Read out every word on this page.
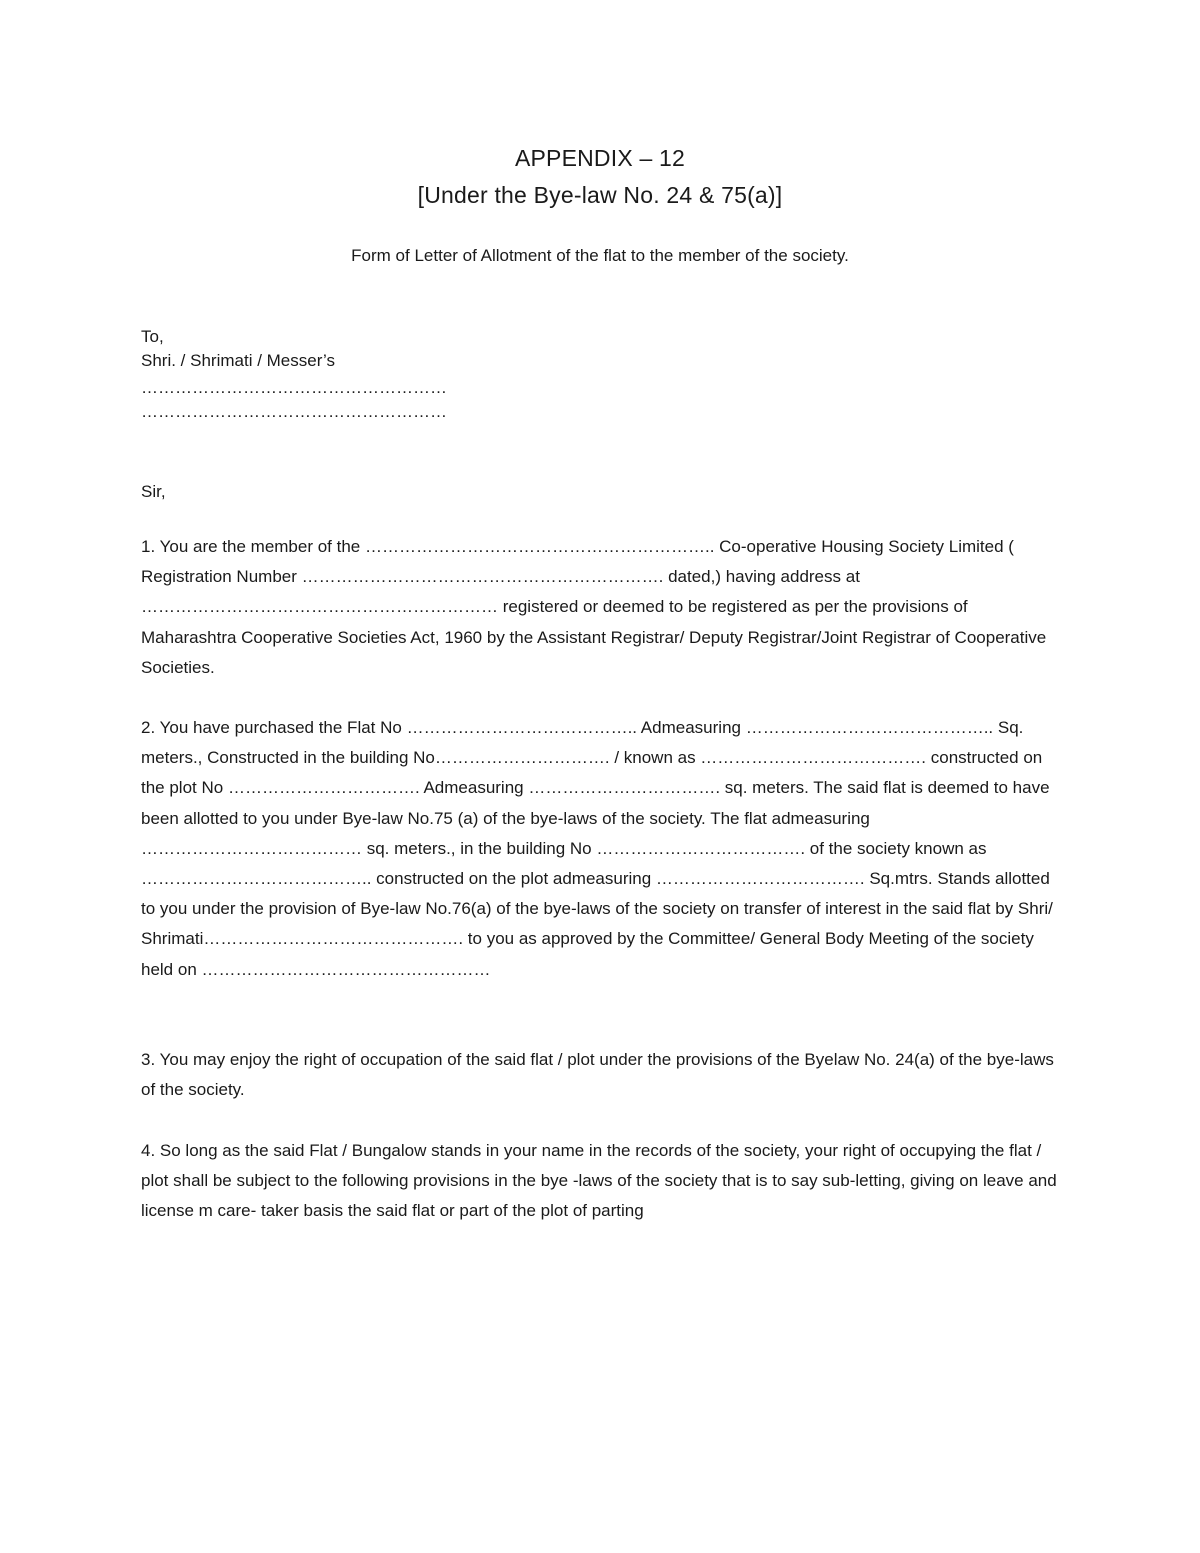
APPENDIX – 12
[Under the Bye-law No. 24 & 75(a)]
Form of Letter of Allotment of the flat to the member of the society.
To,
Shri. / Shrimati / Messer’s
………………………………………………
………………………………………………
Sir,
1. You are the member of the …………………………………………………….. Co-operative Housing Society Limited ( Registration Number ………………………………………………………. dated,) having address at ……………………………………………………… registered or deemed to be registered as per the provisions of Maharashtra Cooperative Societies Act, 1960 by the Assistant Registrar/ Deputy Registrar/Joint Registrar of Cooperative Societies.
2. You have purchased the Flat No ………………………………….. Admeasuring …………………………………….. Sq. meters., Constructed in the building No…………………………. / known as …………………………………. constructed on the plot No ……………………………. Admeasuring ……………………………. sq. meters. The said flat is deemed to have been allotted to you under Bye-law No.75 (a) of the bye-laws of the society. The flat admeasuring ………………………………… sq. meters., in the building No ………………………………. of the society known as ………………………………….. constructed on the plot admeasuring ………………………………. Sq.mtrs. Stands allotted to you under the provision of Bye-law No.76(a) of the bye-laws of the society on transfer of interest in the said flat by Shri/ Shrimati………………………………………. to you as approved by the Committee/ General Body Meeting of the society held on ……………………………………………
3. You may enjoy the right of occupation of the said flat / plot under the provisions of the Byelaw No. 24(a) of the bye-laws of the society.
4. So long as the said Flat / Bungalow stands in your name in the records of the society, your right of occupying the flat / plot shall be subject to the following provisions in the bye -laws of the society that is to say sub-letting, giving on leave and license m care- taker basis the said flat or part of the plot of parting
